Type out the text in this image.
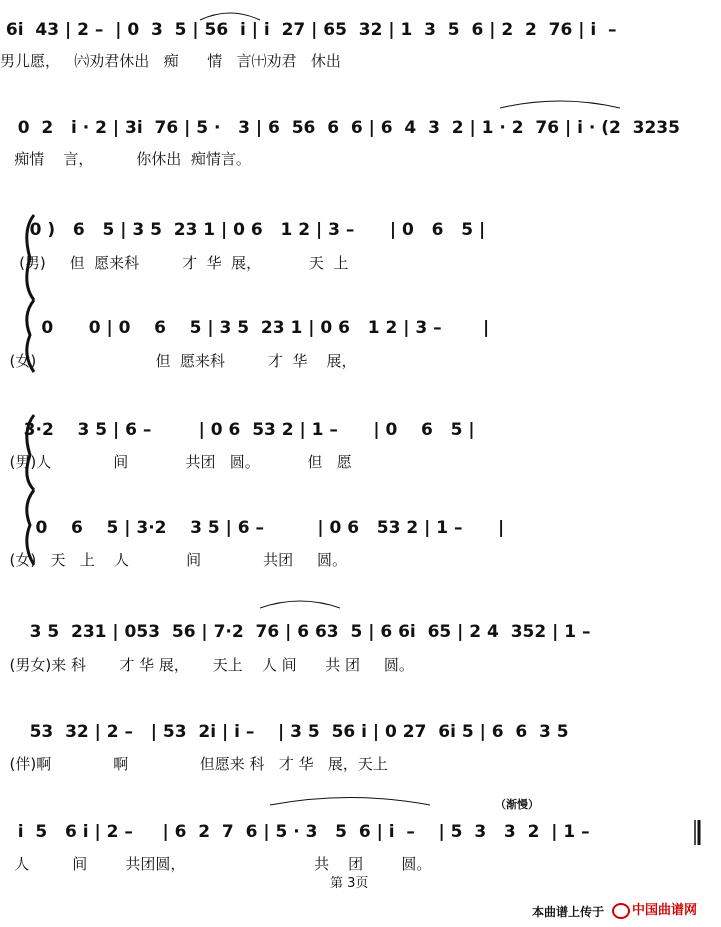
6i  43 | 2 –  | 0  3  5 | 56  i | i  27 | 65  32 | 1  3  5  6 | 2  2  76 | i  –
男儿愿，   ㈥劝君休出   痴      情   言㈩劝君   休出
0  2   i · 2 | 3i  76 | 5 ·   3 | 6  56  6  6 | 6  4  3  2 | 1 · 2  76 | i · (2  3235
痴情    言，         你休出  痴情言。
0 )   6   5 | 3 5  23 1 | 0 6   1 2 | 3 –      | 0   6   5 |
(男)     但  愿来科         才  华  展，          天  上
0      0 | 0    6    5 | 3 5  23 1 | 0 6   1 2 | 3 –       |
(女)                         但  愿来科         才  华    展，
3·2    3 5 | 6 –        | 0 6  53 2 | 1 –      | 0    6   5 |
(男)人             间            共团   圆。          但   愿
0    6    5 | 3·2    3 5 | 6 –         | 0 6   53 2 | 1 –      |
(女)   天   上    人            间             共团     圆。
3 5  231 | 053  56 | 7·2  76 | 6 63  5 | 6 6i  65 | 2 4  352 | 1 –
(男女)来 科       才 华 展，     天上    人 间      共 团     圆。
53  32 | 2 –   | 53  2i | i –    | 3 5  56 i | 0 27  6i 5 | 6  6  3 5
(伴)啊             啊               但愿来 科   才 华   展，天上
（渐慢）
i  5   6 i | 2 –     | 6  2  7  6 | 5 · 3   5  6 | i  –    | 5  3   3  2  | 1 –
人         间        共团圆，                           共    团        圆。
第 3页
本曲谱上传于	中国曲谱网
